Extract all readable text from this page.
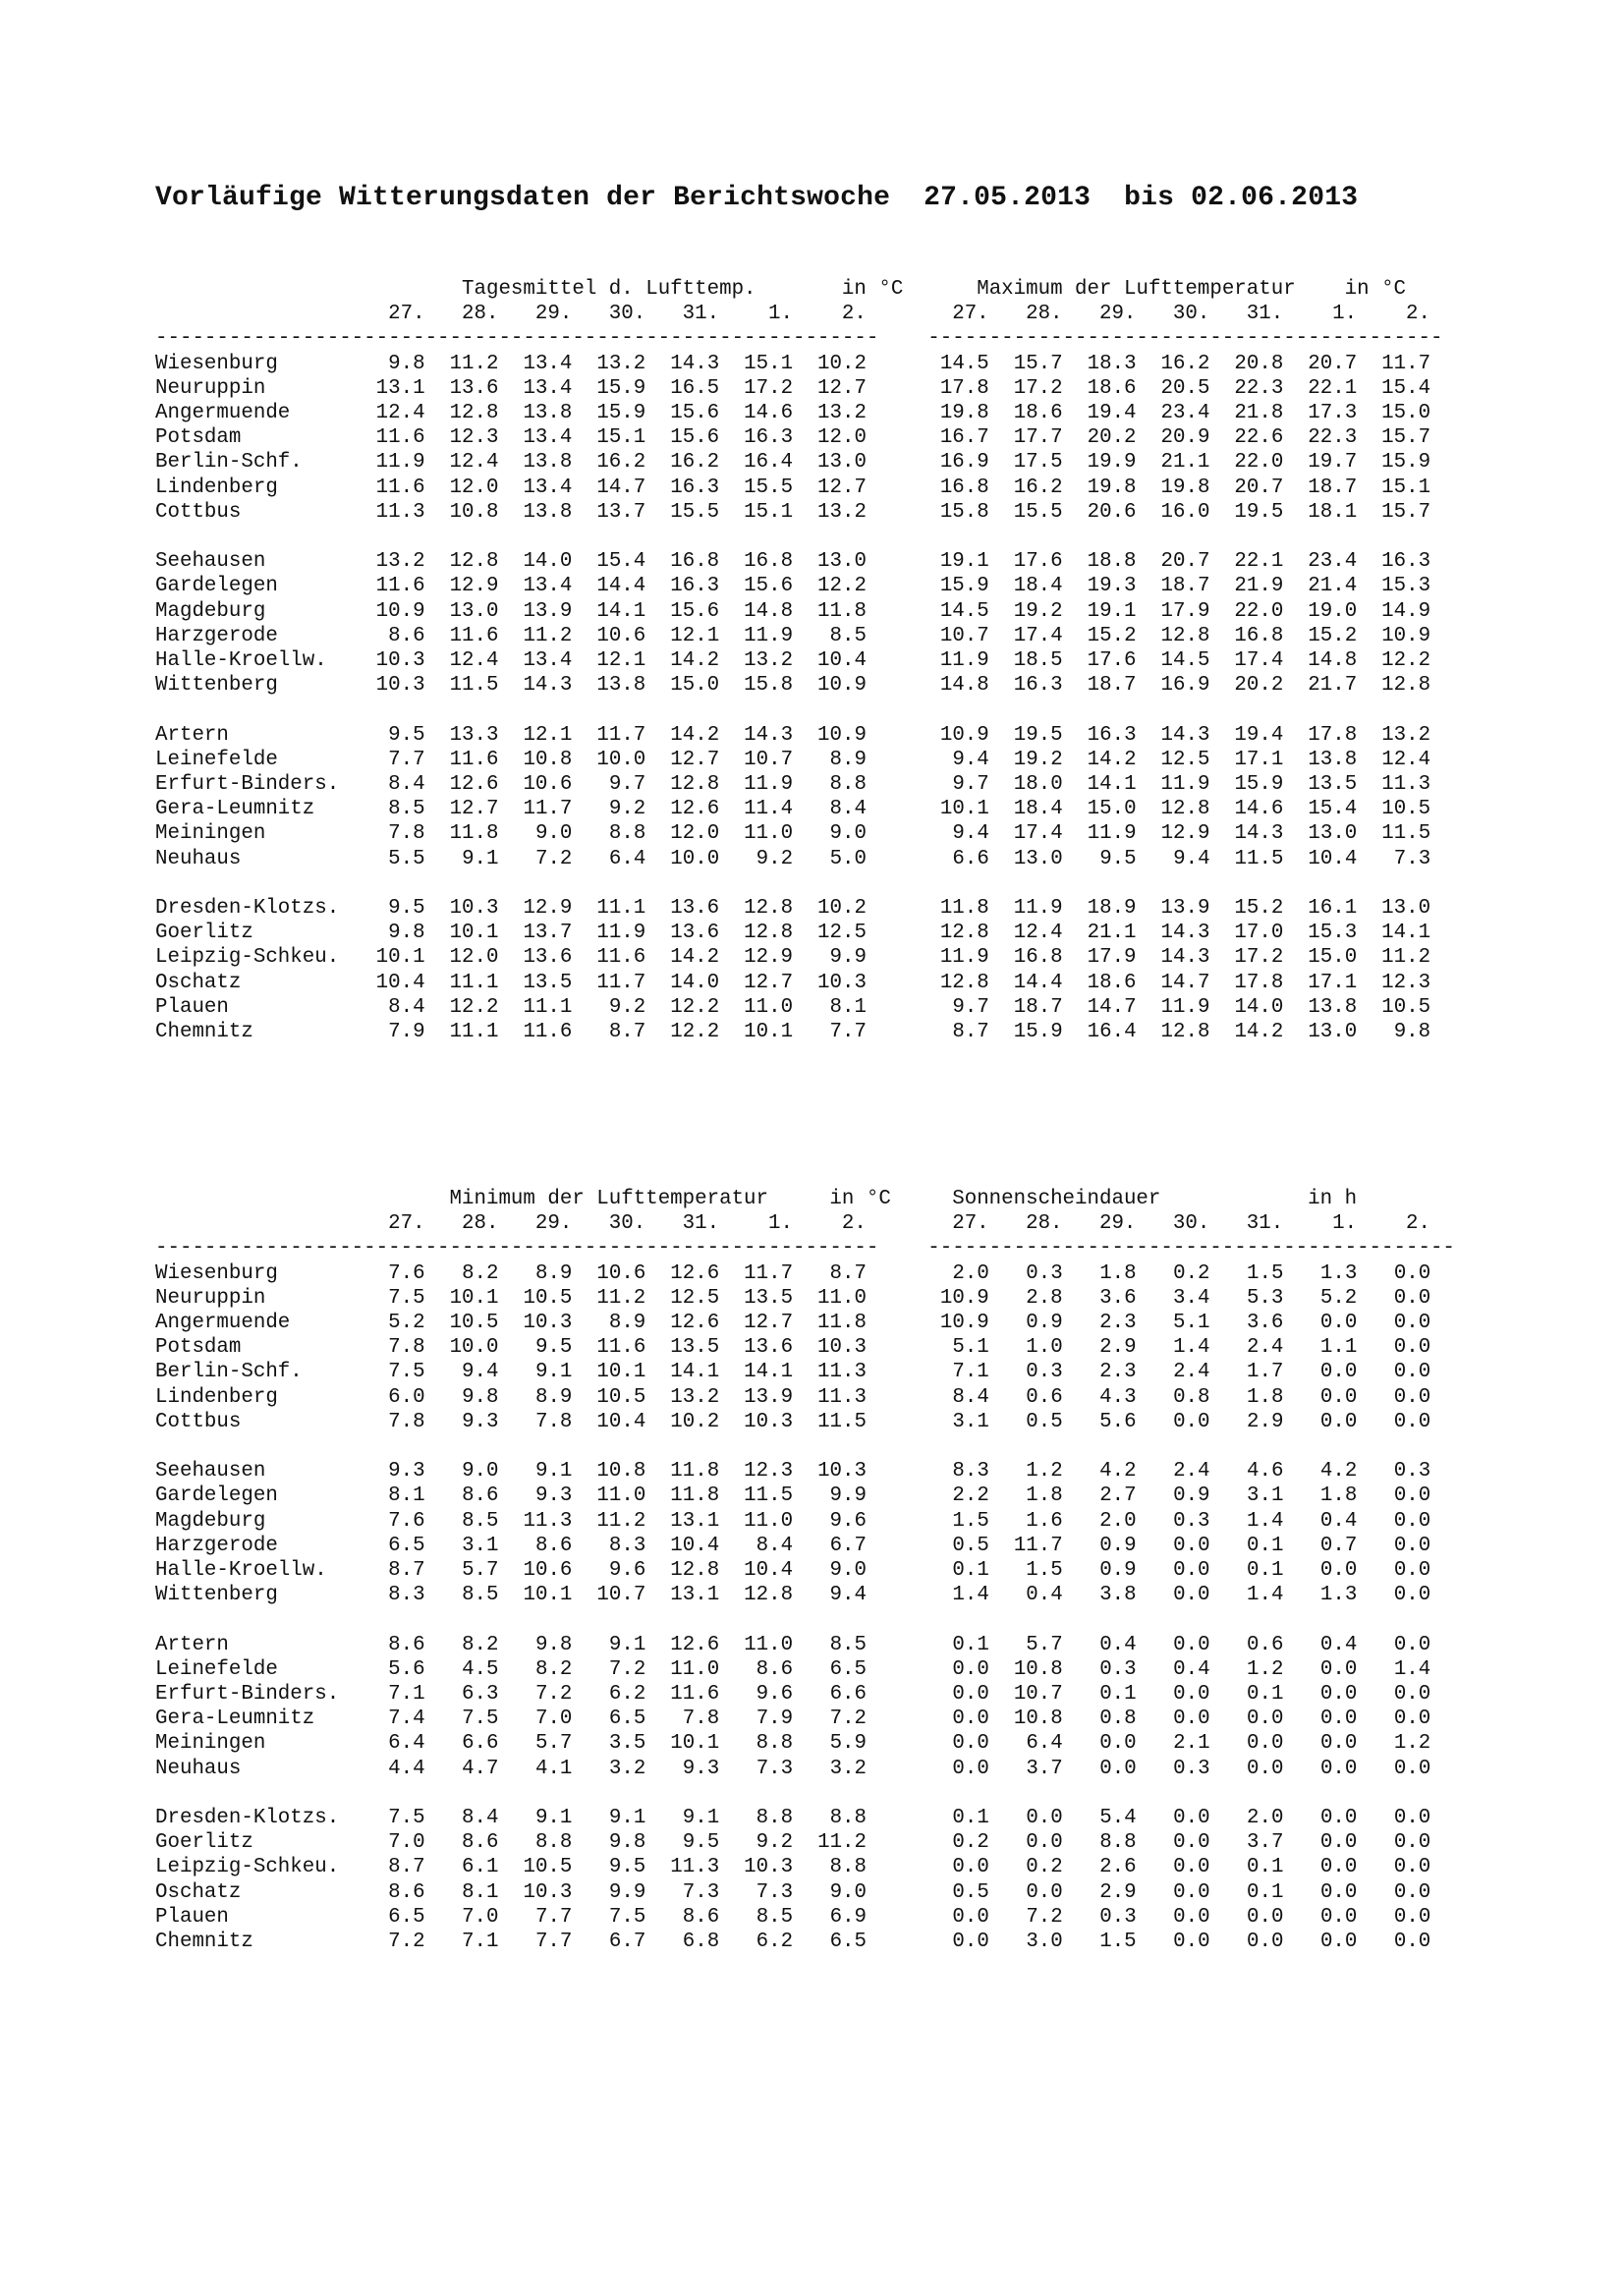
Vorläufige Witterungsdaten der Berichtswoche  27.05.2013  bis 02.06.2013
Tagesmittel d. Lufttemp.	in °C	Maximum der Lufttemperatur in °C
27.   28.   29.   30.   31.    1.    2.       27.   28.   29.   30.   31.    1.    2.
----------------------------------------------------------- ------------------------------------------
Wiesenburg	9.8 11.2 13.4 13.2 14.3 15.1 10.2	14.5 15.7 18.3 16.2 20.8 20.7 11.7
Neuruppin	13.1 13.6 13.4 15.9 16.5 17.2 12.7	17.8 17.2 18.6 20.5 22.3 22.1 15.4
Angermuende	12.4 12.8 13.8 15.9 15.6 14.6 13.2	19.8 18.6 19.4 23.4 21.8 17.3 15.0
Potsdam	11.6 12.3 13.4 15.1 15.6 16.3 12.0	16.7 17.7 20.2 20.9 22.6 22.3 15.7
Berlin-Schf.	11.9 12.4 13.8 16.2 16.2 16.4 13.0	16.9 17.5 19.9 21.1 22.0 19.7 15.9
Lindenberg	11.6 12.0 13.4 14.7 16.3 15.5 12.7	16.8 16.2 19.8 19.8 20.7 18.7 15.1
Cottbus	11.3 10.8 13.8 13.7 15.5 15.1 13.2	15.8 15.5 20.6 16.0 19.5 18.1 15.7

Seehausen	13.2 12.8 14.0 15.4 16.8 16.8 13.0	19.1 17.6 18.8 20.7 22.1 23.4 16.3
Gardelegen	11.6 12.9 13.4 14.4 16.3 15.6 12.2	15.9 18.4 19.3 18.7 21.9 21.4 15.3
Magdeburg	10.9 13.0 13.9 14.1 15.6 14.8 11.8	14.5 19.2 19.1 17.9 22.0 19.0 14.9
Harzgerode	8.6 11.6 11.2 10.6 12.1 11.9 8.5	10.7 17.4 15.2 12.8 16.8 15.2 10.9
Halle-Kroellw. 10.3 12.4 13.4 12.1 14.2 13.2 10.4	11.9 18.5 17.6 14.5 17.4 14.8 12.2
Wittenberg	10.3 11.5 14.3 13.8 15.0 15.8 10.9	14.8 16.3 18.7 16.9 20.2 21.7 12.8

Artern	9.5 13.3 12.1 11.7 14.2 14.3 10.9	10.9 19.5 16.3 14.3 19.4 17.8 13.2
Leinefelde	7.7 11.6 10.8 10.0 12.7 10.7 8.9	9.4 19.2 14.2 12.5 17.1 13.8 12.4
Erfurt-Binders. 8.4 12.6 10.6 9.7 12.8 11.9 8.8	9.7 18.0 14.1 11.9 15.9 13.5 11.3
Gera-Leumnitz	8.5 12.7 11.7 9.2 12.6 11.4 8.4	10.1 18.4 15.0 12.8 14.6 15.4 10.5
Meiningen	7.8 11.8 9.0 8.8 12.0 11.0 9.0	9.4 17.4 11.9 12.9 14.3 13.0 11.5
Neuhaus	5.5 9.1 7.2 6.4 10.0 9.2 5.0	6.6 13.0 9.5 9.4 11.5 10.4 7.3

Dresden-Klotzs. 9.5 10.3 12.9 11.1 13.6 12.8 10.2	11.8 11.9 18.9 13.9 15.2 16.1 13.0
Goerlitz	9.8 10.1 13.7 11.9 13.6 12.8 12.5	12.8 12.4 21.1 14.3 17.0 15.3 14.1
Leipzig-Schkeu. 10.1 12.0 13.6 11.6 14.2 12.9 9.9	11.9 16.8 17.9 14.3 17.2 15.0 11.2
Oschatz	10.4 11.1 13.5 11.7 14.0 12.7 10.3	12.8 14.4 18.6 14.7 17.8 17.1 12.3
Plauen	8.4 12.2 11.1 9.2 12.2 11.0 8.1	9.7 18.7 14.7 11.9 14.0 13.8 10.5
Chemnitz	7.9 11.1 11.6 8.7 12.2 10.1 7.7	8.7 15.9 16.4 12.8 14.2 13.0 9.8

Minimum der Lufttemperatur	in °C	Sonnenscheindauer	in h
27.   28.   29.   30.   31.    1.    2.       27.   28.   29.   30.   31.    1.    2.
----------------------------------------------------------- -------------------------------------------
Wiesenburg	7.6 8.2 8.9 10.6 12.6 11.7 8.7	2.0 0.3 1.8 0.2 1.5 1.3 0.0
Neuruppin	7.5 10.1 10.5 11.2 12.5 13.5 11.0	10.9 2.8 3.6 3.4 5.3 5.2 0.0
Angermuende	5.2 10.5 10.3 8.9 12.6 12.7 11.8	10.9 0.9 2.3 5.1 3.6 0.0 0.0
Potsdam	7.8 10.0 9.5 11.6 13.5 13.6 10.3	5.1 1.0 2.9 1.4 2.4 1.1 0.0
Berlin-Schf.	7.5 9.4 9.1 10.1 14.1 14.1 11.3	7.1 0.3 2.3 2.4 1.7 0.0 0.0
Lindenberg	6.0 9.8 8.9 10.5 13.2 13.9 11.3	8.4 0.6 4.3 0.8 1.8 0.0 0.0
Cottbus	7.8 9.3 7.8 10.4 10.2 10.3 11.5	3.1 0.5 5.6 0.0 2.9 0.0 0.0

Seehausen	9.3 9.0 9.1 10.8 11.8 12.3 10.3	8.3 1.2 4.2 2.4 4.6 4.2 0.3
Gardelegen	8.1 8.6 9.3 11.0 11.8 11.5 9.9	2.2 1.8 2.7 0.9 3.1 1.8 0.0
Magdeburg	7.6 8.5 11.3 11.2 13.1 11.0 9.6	1.5 1.6 2.0 0.3 1.4 0.4 0.0
Harzgerode	6.5 3.1 8.6 8.3 10.4 8.4 6.7	0.5 11.7 0.9 0.0 0.1 0.7 0.0
Halle-Kroellw.	8.7 5.7 10.6 9.6 12.8 10.4 9.0	0.1 1.5 0.9 0.0 0.1 0.0 0.0
Wittenberg	8.3 8.5 10.1 10.7 13.1 12.8 9.4	1.4 0.4 3.8 0.0 1.4 1.3 0.0

Artern	8.6 8.2 9.8 9.1 12.6 11.0 8.5	0.1 5.7 0.4 0.0 0.6 0.4 0.0
Leinefelde	5.6 4.5 8.2 7.2 11.0 8.6 6.5	0.0 10.8 0.3 0.4 1.2 0.0 1.4
Erfurt-Binders. 7.1 6.3 7.2 6.2 11.6 9.6 6.6	0.0 10.7 0.1 0.0 0.1 0.0 0.0
Gera-Leumnitz	7.4 7.5 7.0 6.5 7.8 7.9 7.2	0.0 10.8 0.8 0.0 0.0 0.0 0.0
Meiningen	6.4 6.6 5.7 3.5 10.1 8.8 5.9	0.0 6.4 0.0 2.1 0.0 0.0 1.2
Neuhaus	4.4 4.7 4.1 3.2 9.3 7.3 3.2	0.0 3.7 0.0 0.3 0.0 0.0 0.0

Dresden-Klotzs. 7.5 8.4 9.1 9.1 9.1 8.8 8.8	0.1 0.0 5.4 0.0 2.0 0.0 0.0
Goerlitz	7.0 8.6 8.8 9.8 9.5 9.2 11.2	0.2 0.0 8.8 0.0 3.7 0.0 0.0
Leipzig-Schkeu. 8.7 6.1 10.5 9.5 11.3 10.3 8.8	0.0 0.2 2.6 0.0 0.1 0.0 0.0
Oschatz	8.6 8.1 10.3 9.9 7.3 7.3 9.0	0.5 0.0 2.9 0.0 0.1 0.0 0.0
Plauen	6.5 7.0 7.7 7.5 8.6 8.5 6.9	0.0 7.2 0.3 0.0 0.0 0.0 0.0
Chemnitz	7.2 7.1 7.7 6.7 6.8 6.2 6.5	0.0 3.0 1.5 0.0 0.0 0.0 0.0
